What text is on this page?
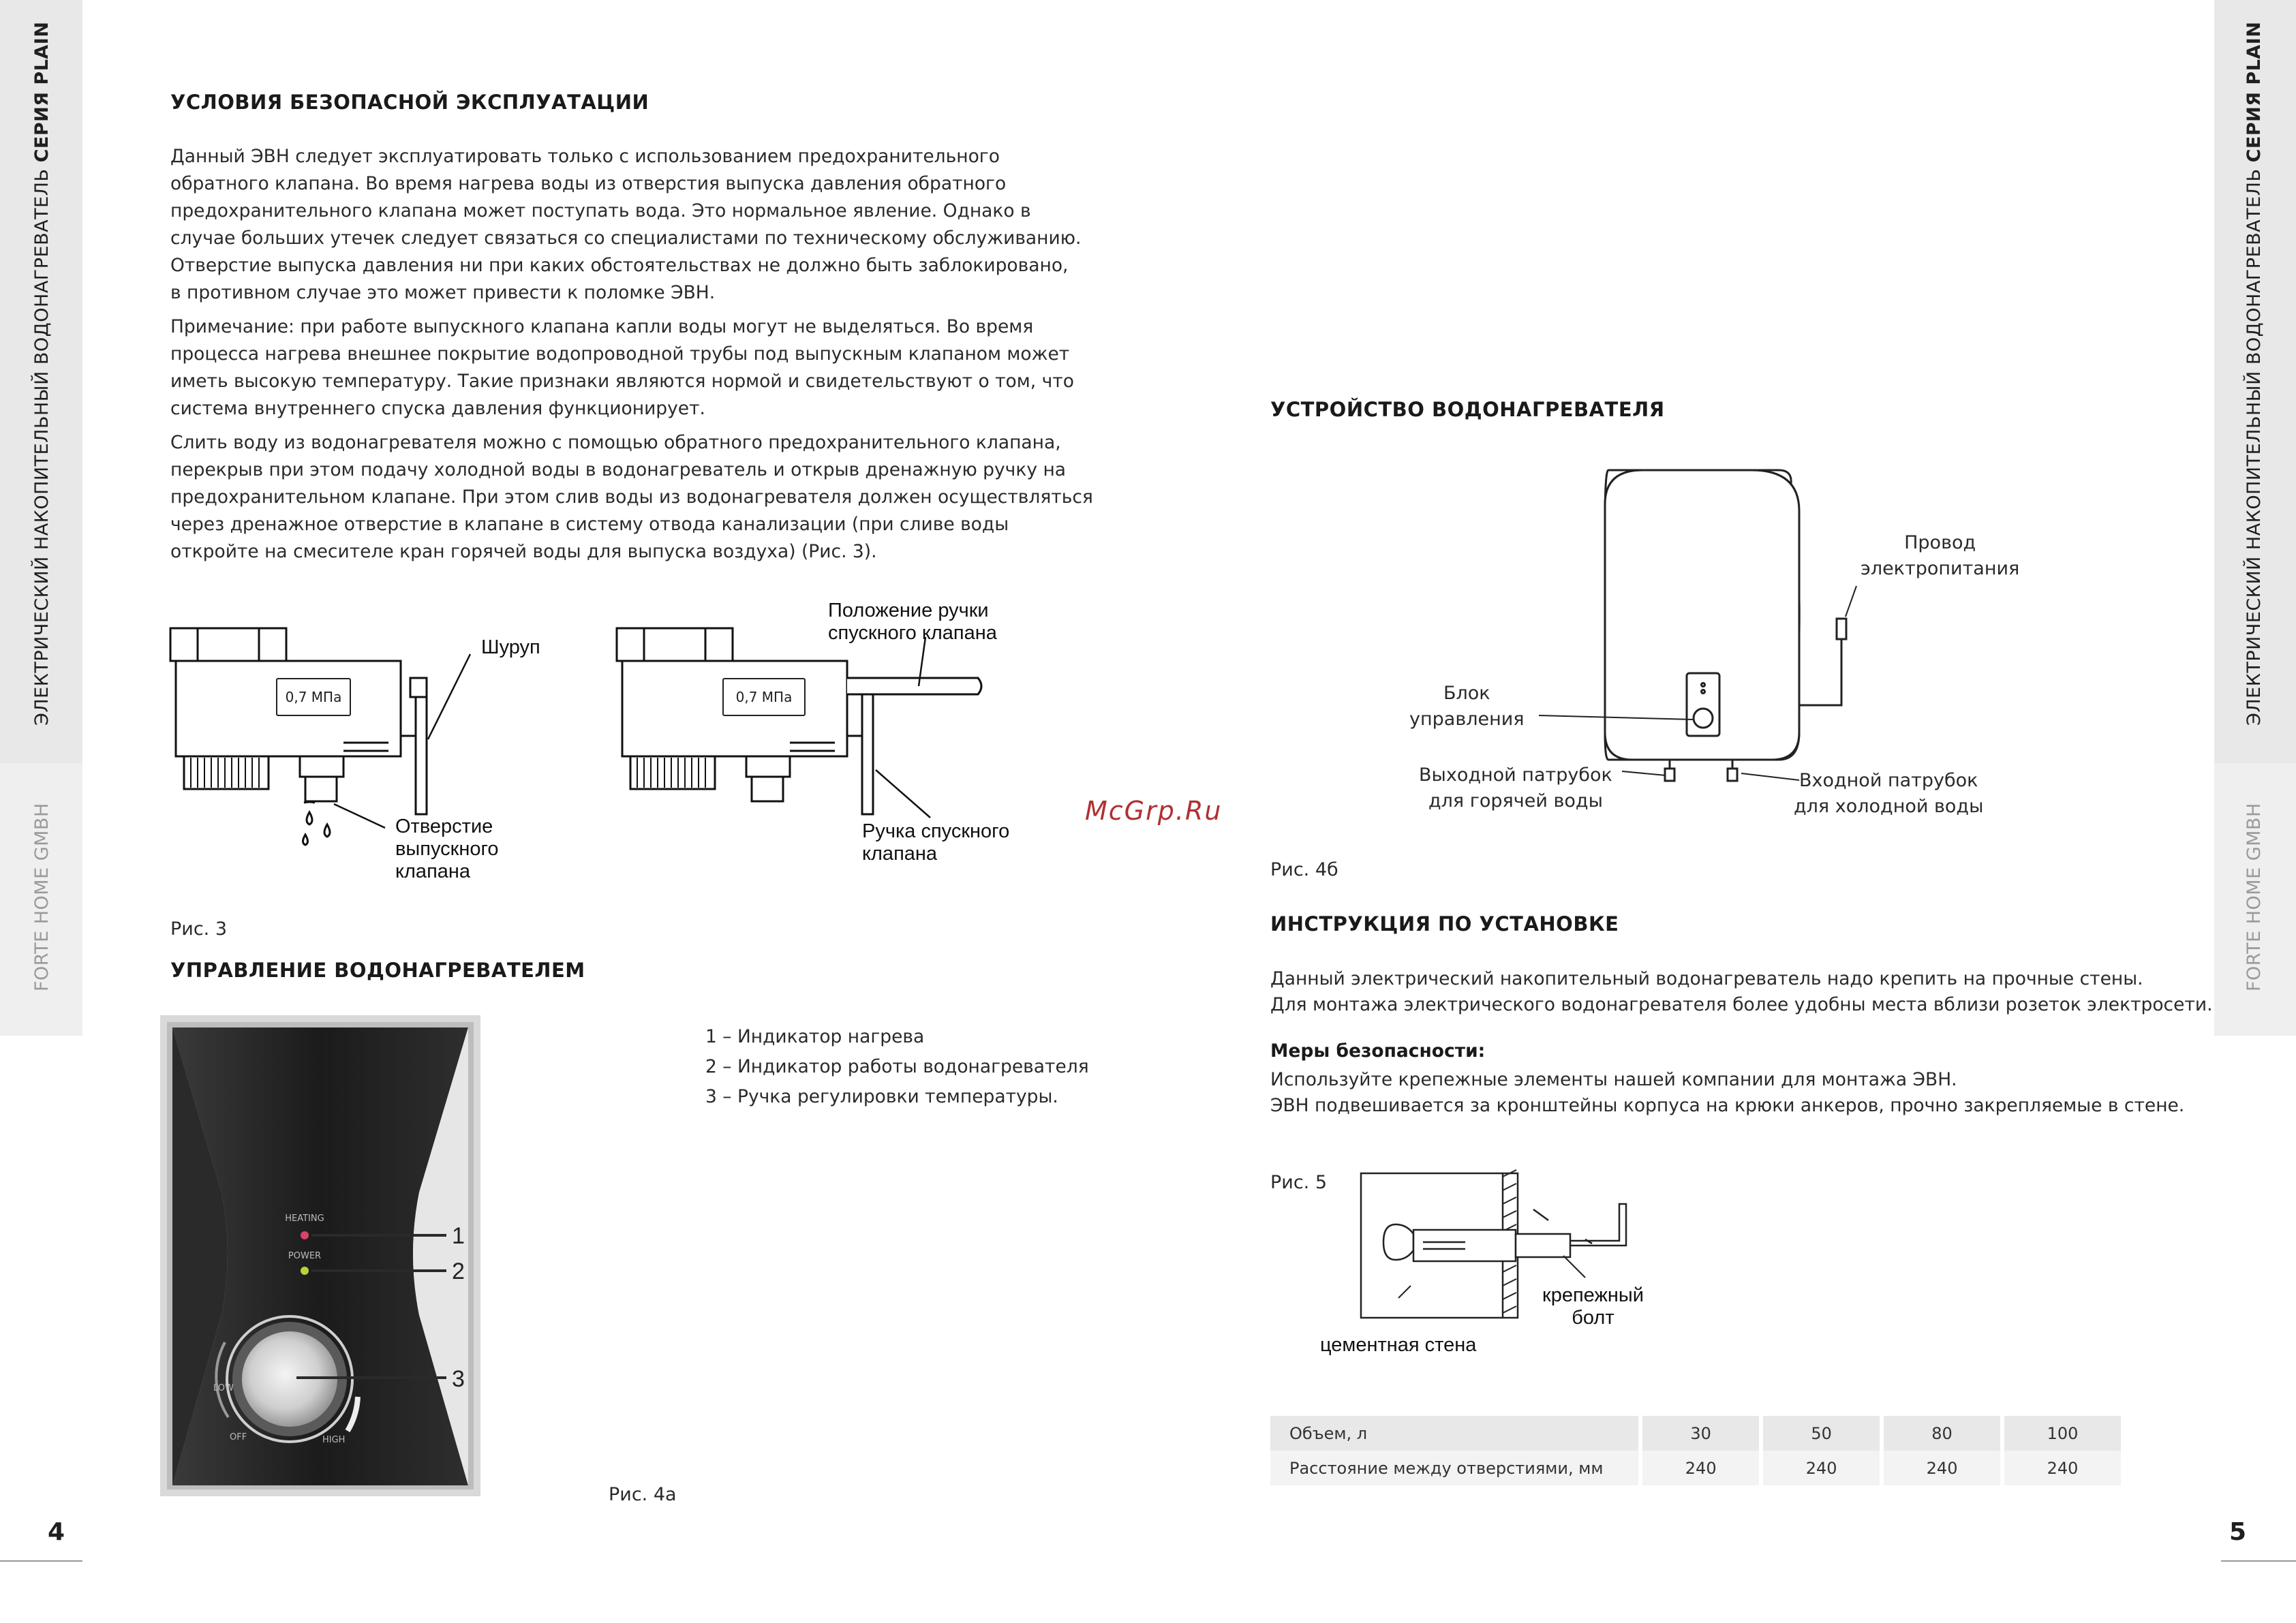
ЭЛЕКТРИЧЕСКИЙ НАКОПИТЕЛЬНЫЙ ВОДОНАГРЕВАТЕЛЬ СЕРИЯ PLAIN
FORTE HOME GMBH
ЭЛЕКТРИЧЕСКИЙ НАКОПИТЕЛЬНЫЙ ВОДОНАГРЕВАТЕЛЬ СЕРИЯ PLAIN
FORTE HOME GMBH
УСЛОВИЯ БЕЗОПАСНОЙ ЭКСПЛУАТАЦИИ
Данный ЭВН следует эксплуатировать только с использованием предохранительного
обратного клапана. Во время нагрева воды из отверстия выпуска давления обратного
предохранительного клапана может поступать вода. Это нормальное явление. Однако в
случае больших утечек следует связаться со специалистами по техническому обслуживанию.
Отверстие выпуска давления ни при каких обстоятельствах не должно быть заблокировано,
в противном случае это может привести к поломке ЭВН.
Примечание: при работе выпускного клапана капли воды могут не выделяться. Во время
процесса нагрева внешнее покрытие водопроводной трубы под выпускным клапаном может
иметь высокую температуру. Такие признаки являются нормой и свидетельствуют о том, что
система внутреннего спуска давления функционирует.
Слить воду из водонагревателя можно с помощью обратного предохранительного клапана,
перекрыв при этом подачу холодной воды в водонагреватель и открыв дренажную ручку на
предохранительном клапане. При этом слив воды из водонагревателя должен осуществляться
через дренажное отверстие в клапане в систему отвода канализации (при сливе воды
откройте на смесителе кран горячей воды для выпуска воздуха) (Рис. 3).
0,7 МПа	0,7 МПа
Шуруп
Отверстие
выпускного
клапана
Положение ручки
спускного клапана
Ручка спускного
клапана
Рис. 3
УПРАВЛЕНИЕ ВОДОНАГРЕВАТЕЛЕМ
HEATING
POWER
LOW
OFF	HIGH
1
2
3
1 – Индикатор нагрева
2 – Индикатор работы водонагревателя
3 – Ручка регулировки температуры.
Рис. 4а
4
McGrp.Ru
УСТРОЙСТВО ВОДОНАГРЕВАТЕЛЯ
Провод
электропитания
Блок
управления
Выходной патрубок
для горячей воды
Входной патрубок
для холодной воды
Рис. 4б
ИНСТРУКЦИЯ ПО УСТАНОВКЕ
Данный электрический накопительный водонагреватель надо крепить на прочные стены.
Для монтажа электрического водонагревателя более удобны места вблизи розеток электросети.
Меры безопасности:
Используйте крепежные элементы нашей компании для монтажа ЭВН.
ЭВН подвешивается за кронштейны корпуса на крюки анкеров, прочно закрепляемые в стене.
Рис. 5
крепежный
болт
цементная стена
Объем, л	30	50	80	100
Расстояние между отверстиями, мм	240	240	240	240
5
